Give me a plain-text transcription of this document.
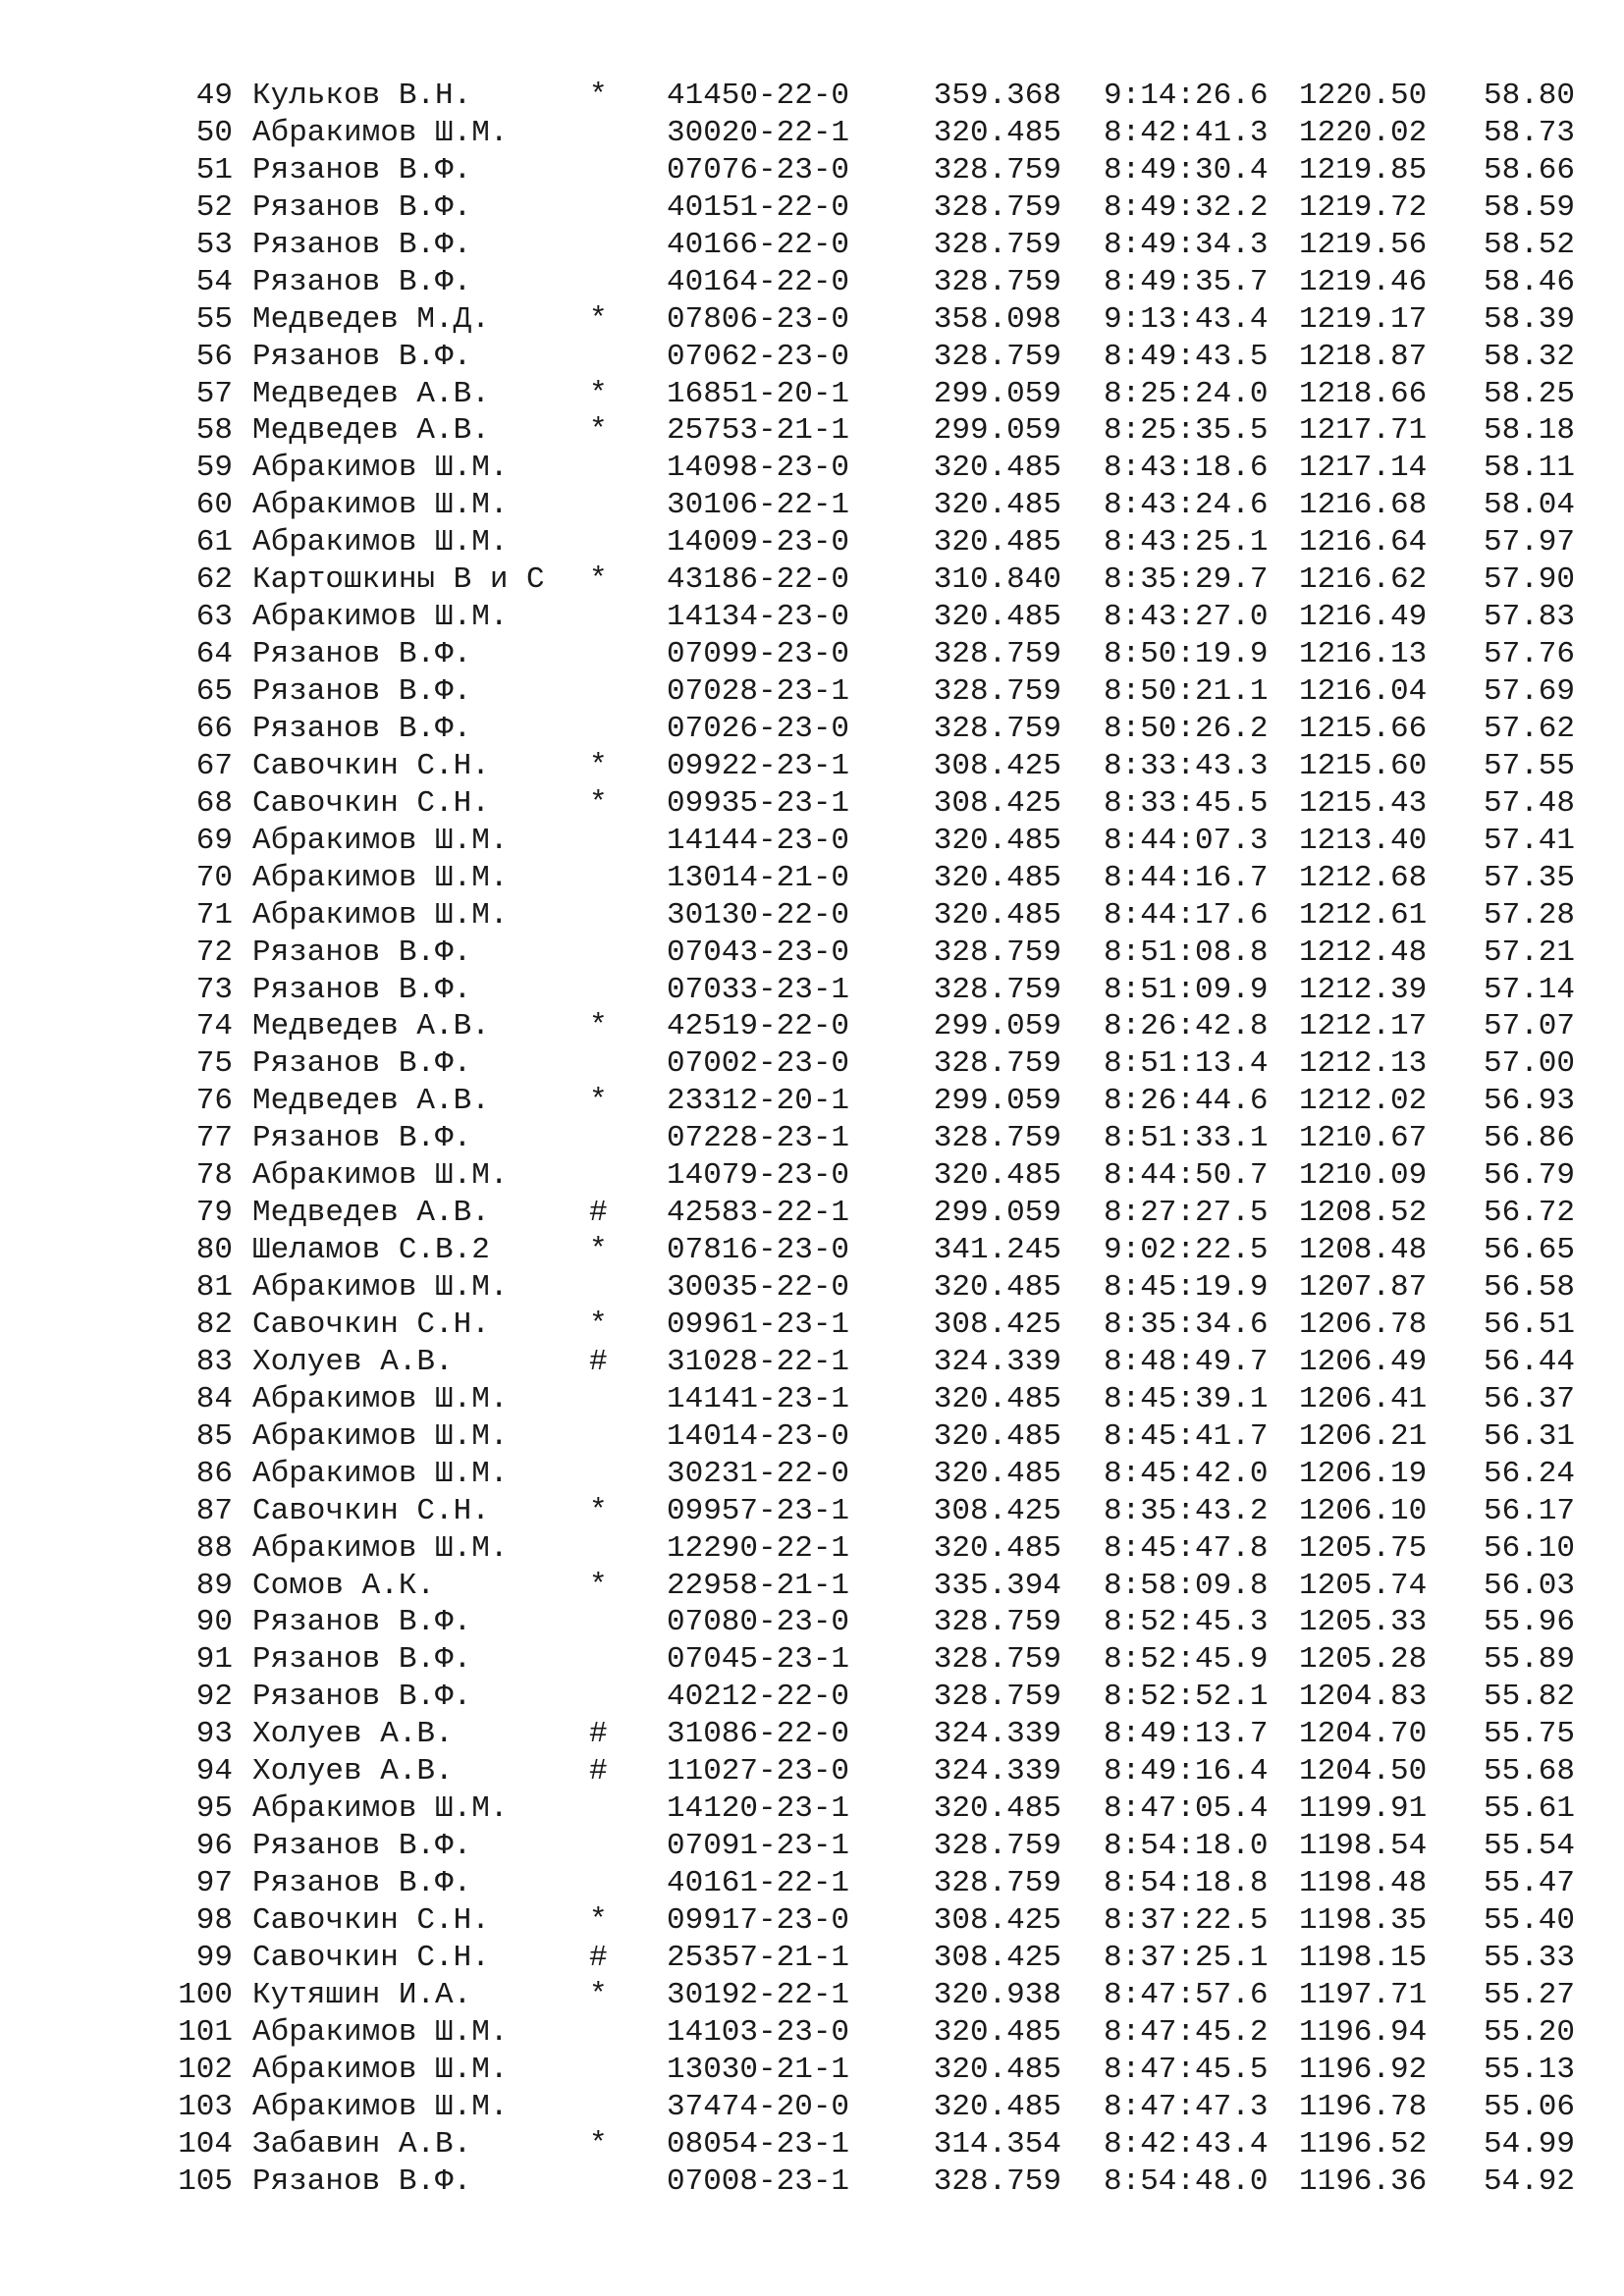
49 Кульков В.Н.	* 41450-22-0	359.368 9:14:26.6 1220.50 58.80
50 Абракимов Ш.М.	30020-22-1	320.485 8:42:41.3 1220.02 58.73
51 Рязанов В.Ф.	07076-23-0	328.759 8:49:30.4 1219.85 58.66
52 Рязанов В.Ф.	40151-22-0	328.759 8:49:32.2 1219.72 58.59
53 Рязанов В.Ф.	40166-22-0	328.759 8:49:34.3 1219.56 58.52
54 Рязанов В.Ф.	40164-22-0	328.759 8:49:35.7 1219.46 58.46
55 Медведев М.Д.	* 07806-23-0	358.098 9:13:43.4 1219.17 58.39
56 Рязанов В.Ф.	07062-23-0	328.759 8:49:43.5 1218.87 58.32
57 Медведев А.В.	* 16851-20-1	299.059 8:25:24.0 1218.66 58.25
58 Медведев А.В.	* 25753-21-1	299.059 8:25:35.5 1217.71 58.18
59 Абракимов Ш.М.	14098-23-0	320.485 8:43:18.6 1217.14 58.11
60 Абракимов Ш.М.	30106-22-1	320.485 8:43:24.6 1216.68 58.04
61 Абракимов Ш.М.	14009-23-0	320.485 8:43:25.1 1216.64 57.97
62 Картошкины В и С * 43186-22-0	310.840 8:35:29.7 1216.62 57.90
63 Абракимов Ш.М.	14134-23-0	320.485 8:43:27.0 1216.49 57.83
64 Рязанов В.Ф.	07099-23-0	328.759 8:50:19.9 1216.13 57.76
65 Рязанов В.Ф.	07028-23-1	328.759 8:50:21.1 1216.04 57.69
66 Рязанов В.Ф.	07026-23-0	328.759 8:50:26.2 1215.66 57.62
67 Савочкин С.Н.	* 09922-23-1	308.425 8:33:43.3 1215.60 57.55
68 Савочкин С.Н.	* 09935-23-1	308.425 8:33:45.5 1215.43 57.48
69 Абракимов Ш.М.	14144-23-0	320.485 8:44:07.3 1213.40 57.41
70 Абракимов Ш.М.	13014-21-0	320.485 8:44:16.7 1212.68 57.35
71 Абракимов Ш.М.	30130-22-0	320.485 8:44:17.6 1212.61 57.28
72 Рязанов В.Ф.	07043-23-0	328.759 8:51:08.8 1212.48 57.21
73 Рязанов В.Ф.	07033-23-1	328.759 8:51:09.9 1212.39 57.14
74 Медведев А.В.	* 42519-22-0	299.059 8:26:42.8 1212.17 57.07
75 Рязанов В.Ф.	07002-23-0	328.759 8:51:13.4 1212.13 57.00
76 Медведев А.В.	* 23312-20-1	299.059 8:26:44.6 1212.02 56.93
77 Рязанов В.Ф.	07228-23-1	328.759 8:51:33.1 1210.67 56.86
78 Абракимов Ш.М.	14079-23-0	320.485 8:44:50.7 1210.09 56.79
79 Медведев А.В.	# 42583-22-1	299.059 8:27:27.5 1208.52 56.72
80 Шеламов С.В.2	* 07816-23-0	341.245 9:02:22.5 1208.48 56.65
81 Абракимов Ш.М.	30035-22-0	320.485 8:45:19.9 1207.87 56.58
82 Савочкин С.Н.	* 09961-23-1	308.425 8:35:34.6 1206.78 56.51
83 Холуев А.В.	# 31028-22-1	324.339 8:48:49.7 1206.49 56.44
84 Абракимов Ш.М.	14141-23-1	320.485 8:45:39.1 1206.41 56.37
85 Абракимов Ш.М.	14014-23-0	320.485 8:45:41.7 1206.21 56.31
86 Абракимов Ш.М.	30231-22-0	320.485 8:45:42.0 1206.19 56.24
87 Савочкин С.Н.	* 09957-23-1	308.425 8:35:43.2 1206.10 56.17
88 Абракимов Ш.М.	12290-22-1	320.485 8:45:47.8 1205.75 56.10
89 Сомов А.К.	* 22958-21-1	335.394 8:58:09.8 1205.74 56.03
90 Рязанов В.Ф.	07080-23-0	328.759 8:52:45.3 1205.33 55.96
91 Рязанов В.Ф.	07045-23-1	328.759 8:52:45.9 1205.28 55.89
92 Рязанов В.Ф.	40212-22-0	328.759 8:52:52.1 1204.83 55.82
93 Холуев А.В.	# 31086-22-0	324.339 8:49:13.7 1204.70 55.75
94 Холуев А.В.	# 11027-23-0	324.339 8:49:16.4 1204.50 55.68
95 Абракимов Ш.М.	14120-23-1	320.485 8:47:05.4 1199.91 55.61
96 Рязанов В.Ф.	07091-23-1	328.759 8:54:18.0 1198.54 55.54
97 Рязанов В.Ф.	40161-22-1	328.759 8:54:18.8 1198.48 55.47
98 Савочкин С.Н.	* 09917-23-0	308.425 8:37:22.5 1198.35 55.40
99 Савочкин С.Н.	# 25357-21-1	308.425 8:37:25.1 1198.15 55.33
100 Кутяшин И.А.	* 30192-22-1	320.938 8:47:57.6 1197.71 55.27
101 Абракимов Ш.М.	14103-23-0	320.485 8:47:45.2 1196.94 55.20
102 Абракимов Ш.М.	13030-21-1	320.485 8:47:45.5 1196.92 55.13
103 Абракимов Ш.М.	37474-20-0	320.485 8:47:47.3 1196.78 55.06
104 Забавин А.В.	* 08054-23-1	314.354 8:42:43.4 1196.52 54.99
105 Рязанов В.Ф.	07008-23-1	328.759 8:54:48.0 1196.36 54.92
